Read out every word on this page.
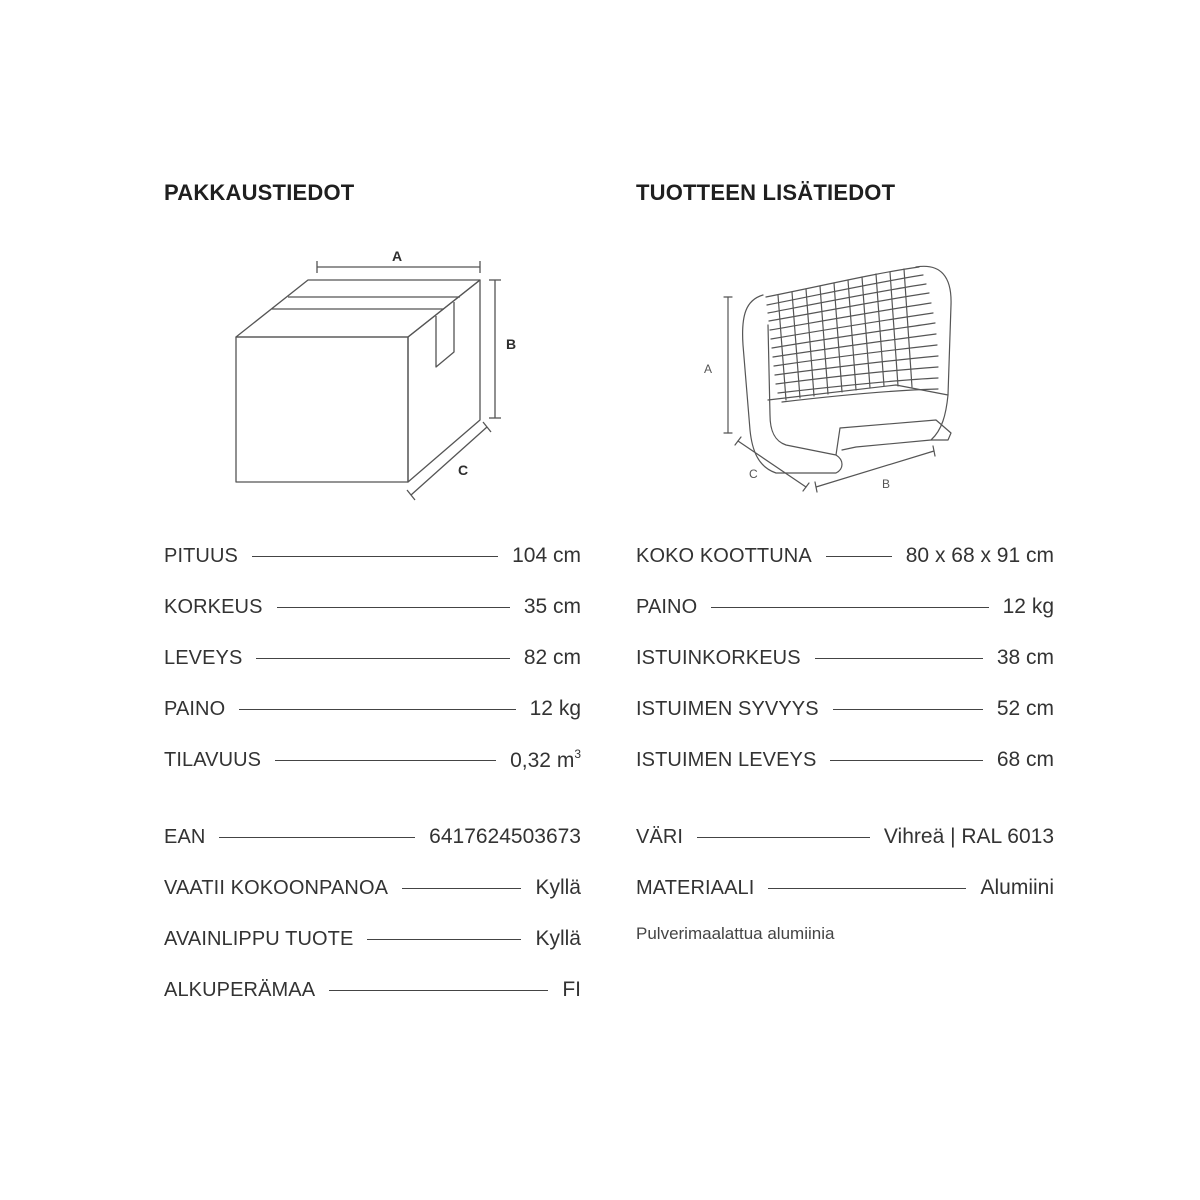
PAKKAUSTIEDOT
A
B
C
PITUUS	104 cm
KORKEUS	35 cm
LEVEYS	82 cm
PAINO	12 kg
TILAVUUS	0,32 $m^3$
EAN	6417624503673
VAATII KOKOONPANOA	Kyllä
AVAINLIPPU TUOTE	Kyllä
ALKUPERÄMAA	FI
TUOTTEEN LISÄTIEDOT
A
C
B
KOKO KOOTTUNA	80 x 68 x 91 cm
PAINO	12 kg
ISTUINKORKEUS	38 cm
ISTUIMEN SYVYYS	52 cm
ISTUIMEN LEVEYS	68 cm
VÄRI	Vihreä | RAL 6013
MATERIAALI	Alumiini
Pulverimaalattua alumiinia
